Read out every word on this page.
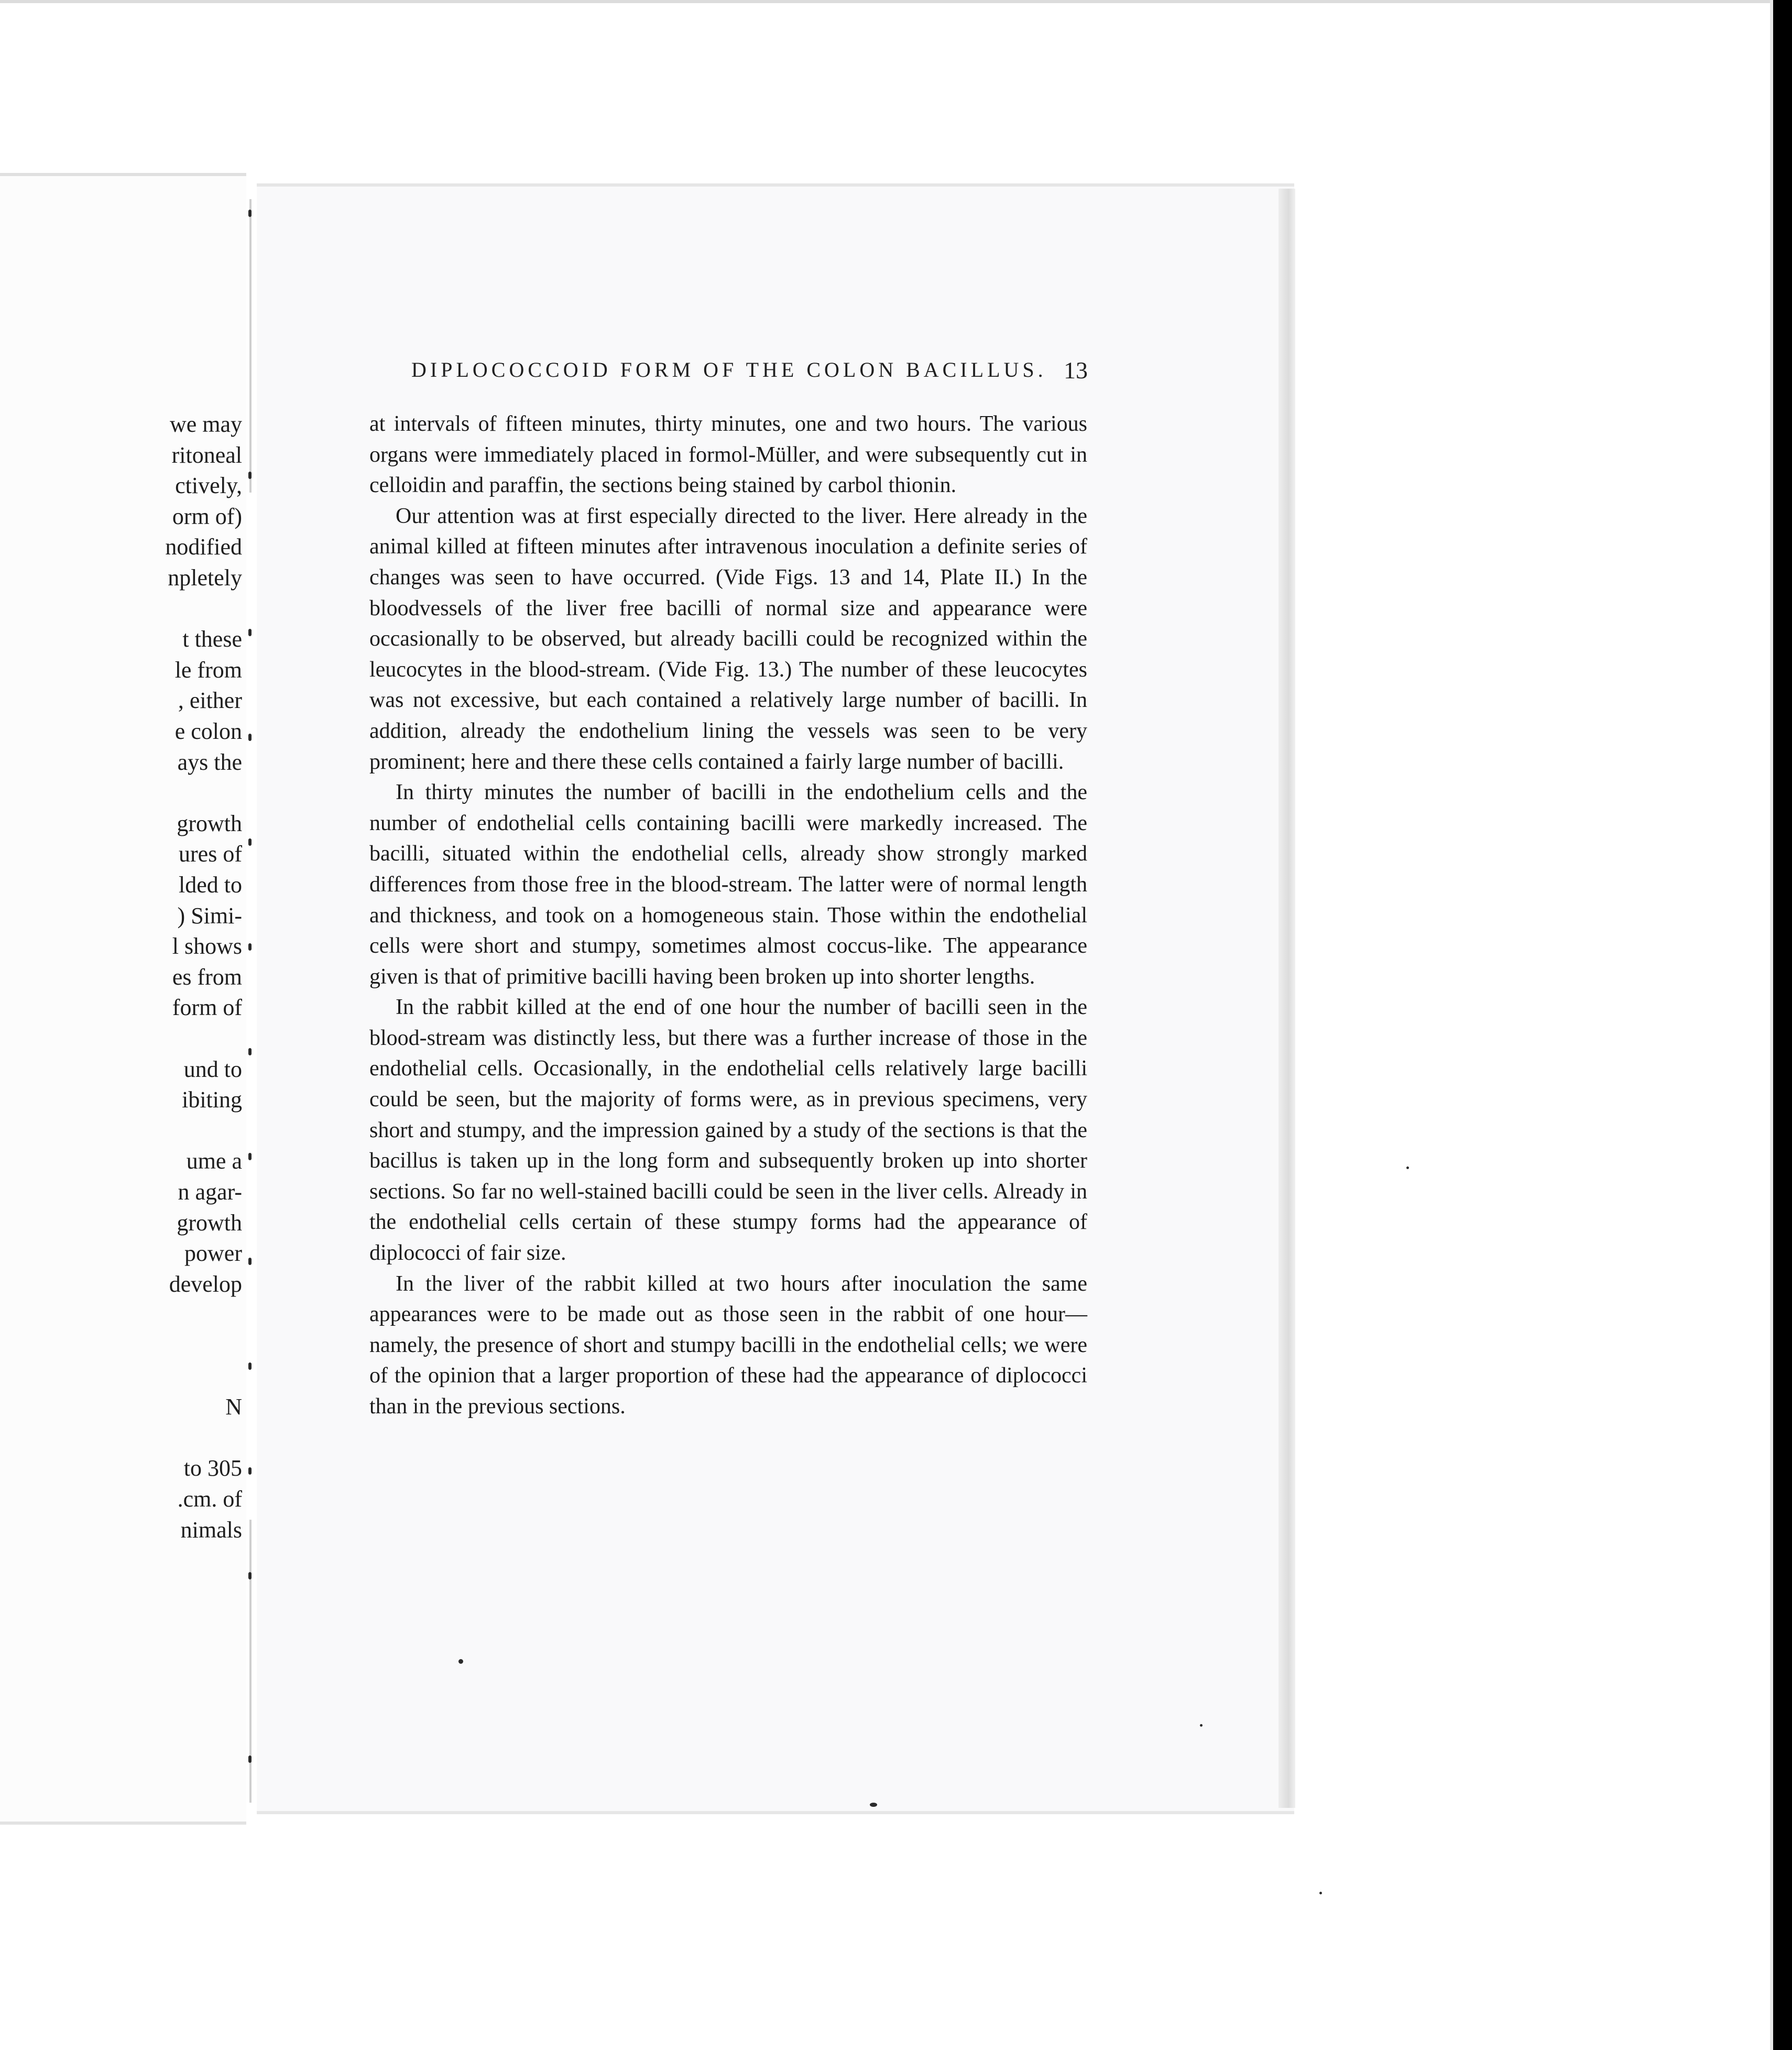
we may
ritoneal
ctively,
orm of)
nodified
npletely
t these
le from
, either
e colon
ays the
growth
ures of
lded to
) Simi-
l shows
es from
form of
und to
ibiting
ume a
n agar-
growth
power
develop
N
to 305
.cm. of
nimals
DIPLOCOCCOID FORM OF THE COLON BACILLUS. 13

at intervals of fifteen minutes, thirty minutes, one and two hours. The various organs were immediately placed in formol-Müller, and were subsequently cut in celloidin and paraffin, the sections being stained by carbol thionin.

Our attention was at first especially directed to the liver. Here already in the animal killed at fifteen minutes after intravenous inoculation a definite series of changes was seen to have occurred. (Vide Figs. 13 and 14, Plate II.) In the bloodvessels of the liver free bacilli of normal size and appearance were occasionally to be observed, but already bacilli could be recognized within the leucocytes in the blood-stream. (Vide Fig. 13.) The number of these leucocytes was not excessive, but each contained a relatively large number of bacilli. In addition, already the endothelium lining the vessels was seen to be very prominent; here and there these cells contained a fairly large number of bacilli.

In thirty minutes the number of bacilli in the endothelium cells and the number of endothelial cells containing bacilli were markedly increased. The bacilli, situated within the endothelial cells, already show strongly marked differences from those free in the blood-stream. The latter were of normal length and thickness, and took on a homogeneous stain. Those within the endothelial cells were short and stumpy, sometimes almost coccus-like. The appearance given is that of primitive bacilli having been broken up into shorter lengths.

In the rabbit killed at the end of one hour the number of bacilli seen in the blood-stream was distinctly less, but there was a further increase of those in the endothelial cells. Occasionally, in the endothelial cells relatively large bacilli could be seen, but the majority of forms were, as in previous specimens, very short and stumpy, and the impression gained by a study of the sections is that the bacillus is taken up in the long form and subsequently broken up into shorter sections. So far no well-stained bacilli could be seen in the liver cells. Already in the endothelial cells certain of these stumpy forms had the appearance of diplococci of fair size.

In the liver of the rabbit killed at two hours after inoculation the same appearances were to be made out as those seen in the rabbit of one hour—namely, the presence of short and stumpy bacilli in the endothelial cells; we were of the opinion that a larger proportion of these had the appearance of diplococci than in the previous sections.
